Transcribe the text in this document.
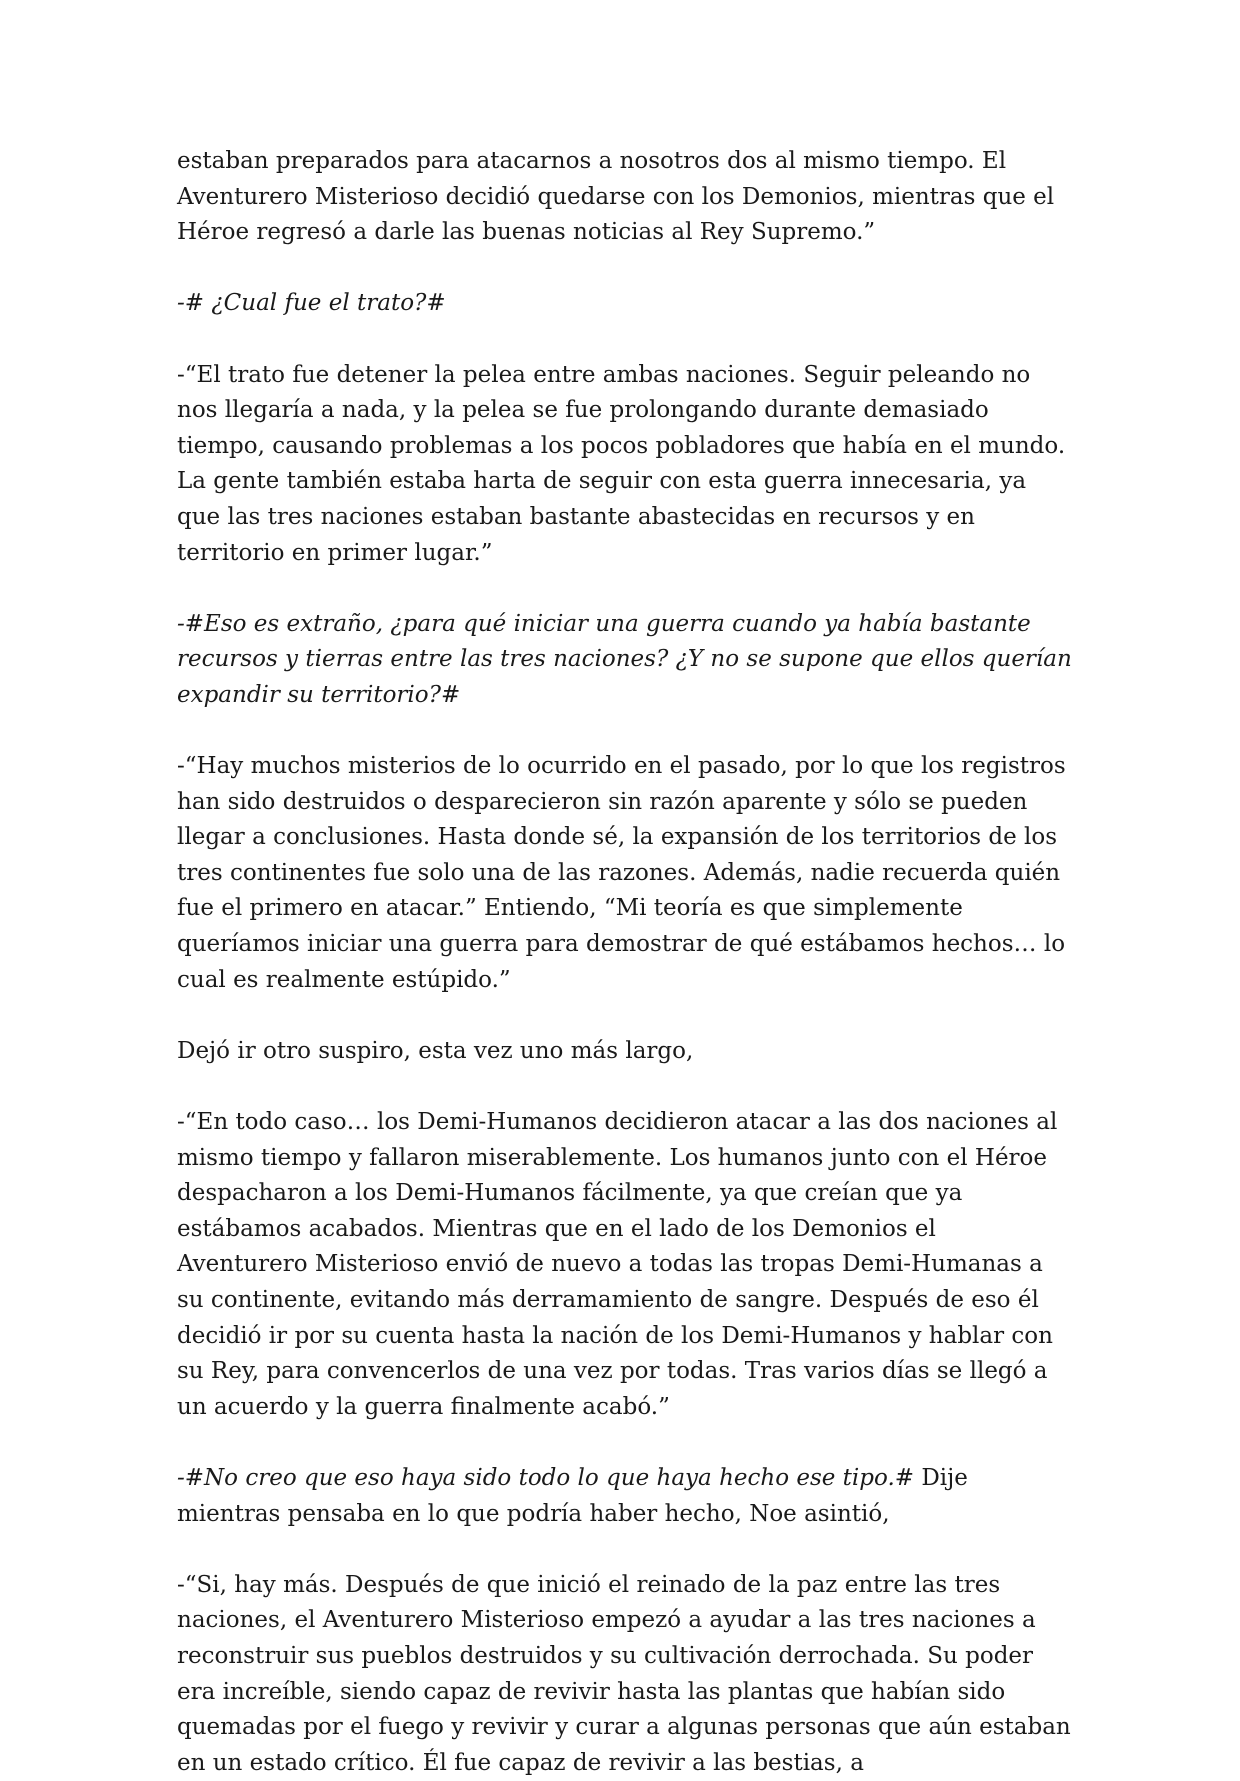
estaban preparados para atacarnos a nosotros dos al mismo tiempo. El Aventurero Misterioso decidió quedarse con los Demonios, mientras que el Héroe regresó a darle las buenas noticias al Rey Supremo.”

-# ¿Cual fue el trato?#

-“El trato fue detener la pelea entre ambas naciones. Seguir peleando no nos llegaría a nada, y la pelea se fue prolongando durante demasiado tiempo, causando problemas a los pocos pobladores que había en el mundo. La gente también estaba harta de seguir con esta guerra innecesaria, ya que las tres naciones estaban bastante abastecidas en recursos y en territorio en primer lugar.”

-#Eso es extraño, ¿para qué iniciar una guerra cuando ya había bastante recursos y tierras entre las tres naciones? ¿Y no se supone que ellos querían expandir su territorio?#

-“Hay muchos misterios de lo ocurrido en el pasado, por lo que los registros han sido destruidos o desparecieron sin razón aparente y sólo se pueden llegar a conclusiones. Hasta donde sé, la expansión de los territorios de los tres continentes fue solo una de las razones. Además, nadie recuerda quién fue el primero en atacar.” Entiendo, “Mi teoría es que simplemente queríamos iniciar una guerra para demostrar de qué estábamos hechos… lo cual es realmente estúpido.”

Dejó ir otro suspiro, esta vez uno más largo,

-“En todo caso… los Demi-Humanos decidieron atacar a las dos naciones al mismo tiempo y fallaron miserablemente. Los humanos junto con el Héroe despacharon a los Demi-Humanos fácilmente, ya que creían que ya estábamos acabados. Mientras que en el lado de los Demonios el Aventurero Misterioso envió de nuevo a todas las tropas Demi-Humanas a su continente, evitando más derramamiento de sangre. Después de eso él decidió ir por su cuenta hasta la nación de los Demi-Humanos y hablar con su Rey, para convencerlos de una vez por todas. Tras varios días se llegó a un acuerdo y la guerra finalmente acabó.”

-#No creo que eso haya sido todo lo que haya hecho ese tipo.# Dije mientras pensaba en lo que podría haber hecho, Noe asintió,

-“Si, hay más. Después de que inició el reinado de la paz entre las tres naciones, el Aventurero Misterioso empezó a ayudar a las tres naciones a reconstruir sus pueblos destruidos y su cultivación derrochada. Su poder era increíble, siendo capaz de revivir hasta las plantas que habían sido quemadas por el fuego y revivir y curar a algunas personas que aún estaban en un estado crítico. Él fue capaz de revivir a las bestias, a
